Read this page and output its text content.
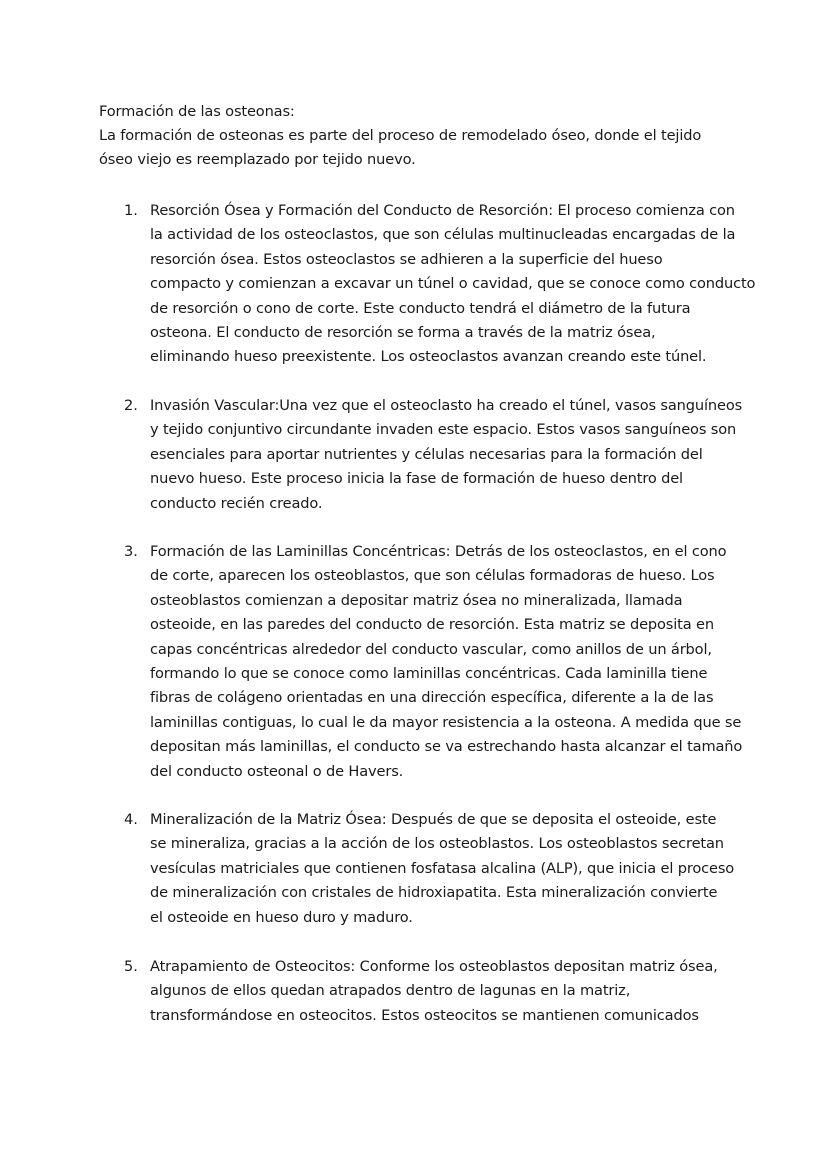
Formación de las osteonas:
La formación de osteonas es parte del proceso de remodelado óseo, donde el tejido
óseo viejo es reemplazado por tejido nuevo.
1. Resorción Ósea y Formación del Conducto de Resorción: El proceso comienza con
la actividad de los osteoclastos, que son células multinucleadas encargadas de la
resorción ósea. Estos osteoclastos se adhieren a la superficie del hueso
compacto y comienzan a excavar un túnel o cavidad, que se conoce como conducto
de resorción o cono de corte. Este conducto tendrá el diámetro de la futura
osteona. El conducto de resorción se forma a través de la matriz ósea,
eliminando hueso preexistente. Los osteoclastos avanzan creando este túnel.
2. Invasión Vascular:Una vez que el osteoclasto ha creado el túnel, vasos sanguíneos
y tejido conjuntivo circundante invaden este espacio. Estos vasos sanguíneos son
esenciales para aportar nutrientes y células necesarias para la formación del
nuevo hueso. Este proceso inicia la fase de formación de hueso dentro del
conducto recién creado.
3. Formación de las Laminillas Concéntricas: Detrás de los osteoclastos, en el cono
de corte, aparecen los osteoblastos, que son células formadoras de hueso. Los
osteoblastos comienzan a depositar matriz ósea no mineralizada, llamada
osteoide, en las paredes del conducto de resorción. Esta matriz se deposita en
capas concéntricas alrededor del conducto vascular, como anillos de un árbol,
formando lo que se conoce como laminillas concéntricas. Cada laminilla tiene
fibras de colágeno orientadas en una dirección específica, diferente a la de las
laminillas contiguas, lo cual le da mayor resistencia a la osteona. A medida que se
depositan más laminillas, el conducto se va estrechando hasta alcanzar el tamaño
del conducto osteonal o de Havers.
4. Mineralización de la Matriz Ósea: Después de que se deposita el osteoide, este
se mineraliza, gracias a la acción de los osteoblastos. Los osteoblastos secretan
vesículas matriciales que contienen fosfatasa alcalina (ALP), que inicia el proceso
de mineralización con cristales de hidroxiapatita. Esta mineralización convierte
el osteoide en hueso duro y maduro.
5. Atrapamiento de Osteocitos: Conforme los osteoblastos depositan matriz ósea,
algunos de ellos quedan atrapados dentro de lagunas en la matriz,
transformándose en osteocitos. Estos osteocitos se mantienen comunicados
